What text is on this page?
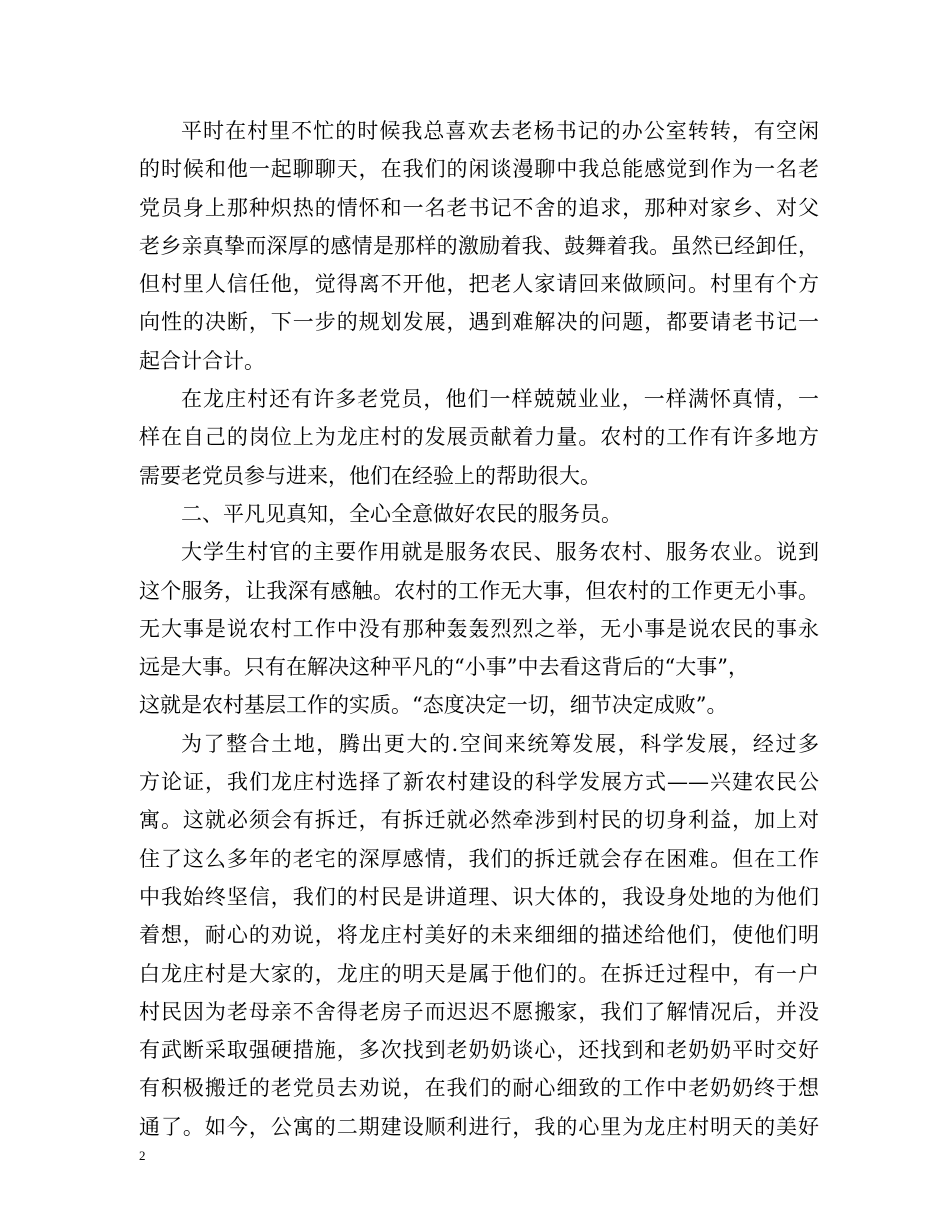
平时在村里不忙的时候我总喜欢去老杨书记的办公室转转，有空闲
的时候和他一起聊聊天，在我们的闲谈漫聊中我总能感觉到作为一名老
党员身上那种炽热的情怀和一名老书记不舍的追求，那种对家乡、对父
老乡亲真挚而深厚的感情是那样的激励着我、鼓舞着我。虽然已经卸任，
但村里人信任他，觉得离不开他，把老人家请回来做顾问。村里有个方
向性的决断，下一步的规划发展，遇到难解决的问题，都要请老书记一
起合计合计。
在龙庄村还有许多老党员，他们一样兢兢业业，一样满怀真情，一
样在自己的岗位上为龙庄村的发展贡献着力量。农村的工作有许多地方
需要老党员参与进来，他们在经验上的帮助很大。
二、平凡见真知，全心全意做好农民的服务员。
大学生村官的主要作用就是服务农民、服务农村、服务农业。说到
这个服务，让我深有感触。农村的工作无大事，但农村的工作更无小事。
无大事是说农村工作中没有那种轰轰烈烈之举，无小事是说农民的事永
远是大事。只有在解决这种平凡的“小事”中去看这背后的“大事”，
这就是农村基层工作的实质。“态度决定一切，细节决定成败”。
为了整合土地，腾出更大的.空间来统筹发展，科学发展，经过多
方论证，我们龙庄村选择了新农村建设的科学发展方式——兴建农民公
寓。这就必须会有拆迁，有拆迁就必然牵涉到村民的切身利益，加上对
住了这么多年的老宅的深厚感情，我们的拆迁就会存在困难。但在工作
中我始终坚信，我们的村民是讲道理、识大体的，我设身处地的为他们
着想，耐心的劝说，将龙庄村美好的未来细细的描述给他们，使他们明
白龙庄村是大家的，龙庄的明天是属于他们的。在拆迁过程中，有一户
村民因为老母亲不舍得老房子而迟迟不愿搬家，我们了解情况后，并没
有武断采取强硬措施，多次找到老奶奶谈心，还找到和老奶奶平时交好
有积极搬迁的老党员去劝说，在我们的耐心细致的工作中老奶奶终于想
通了。如今，公寓的二期建设顺利进行，我的心里为龙庄村明天的美好
2
